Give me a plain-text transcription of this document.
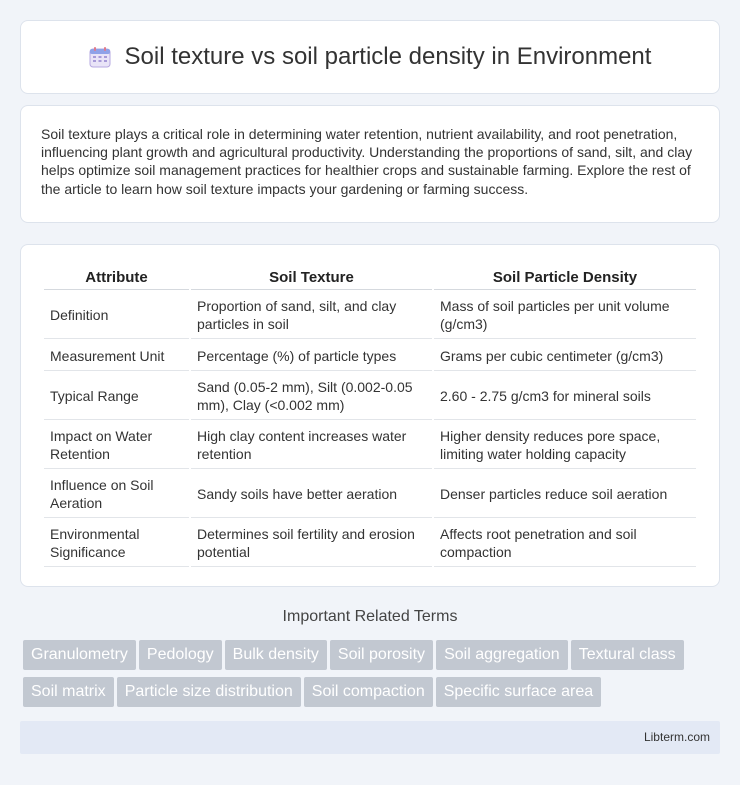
Soil texture vs soil particle density in Environment

Soil texture plays a critical role in determining water retention, nutrient availability, and root penetration, influencing plant growth and agricultural productivity. Understanding the proportions of sand, silt, and clay helps optimize soil management practices for healthier crops and sustainable farming. Explore the rest of the article to learn how soil texture impacts your gardening or farming success.

Attribute	Soil Texture	Soil Particle Density
Definition	Proportion of sand, silt, and clay particles in soil	Mass of soil particles per unit volume (g/cm3)
Measurement Unit	Percentage (%) of particle types	Grams per cubic centimeter (g/cm3)
Typical Range	Sand (0.05-2 mm), Silt (0.002-0.05 mm), Clay (<0.002 mm)	2.60 - 2.75 g/cm3 for mineral soils
Impact on Water Retention	High clay content increases water retention	Higher density reduces pore space, limiting water holding capacity
Influence on Soil Aeration	Sandy soils have better aeration	Denser particles reduce soil aeration
Environmental Significance	Determines soil fertility and erosion potential	Affects root penetration and soil compaction
Important Related Terms
Granulometry Pedology Bulk density Soil porosity Soil aggregation Textural class
Soil matrix Particle size distribution Soil compaction Specific surface area
Libterm.com
